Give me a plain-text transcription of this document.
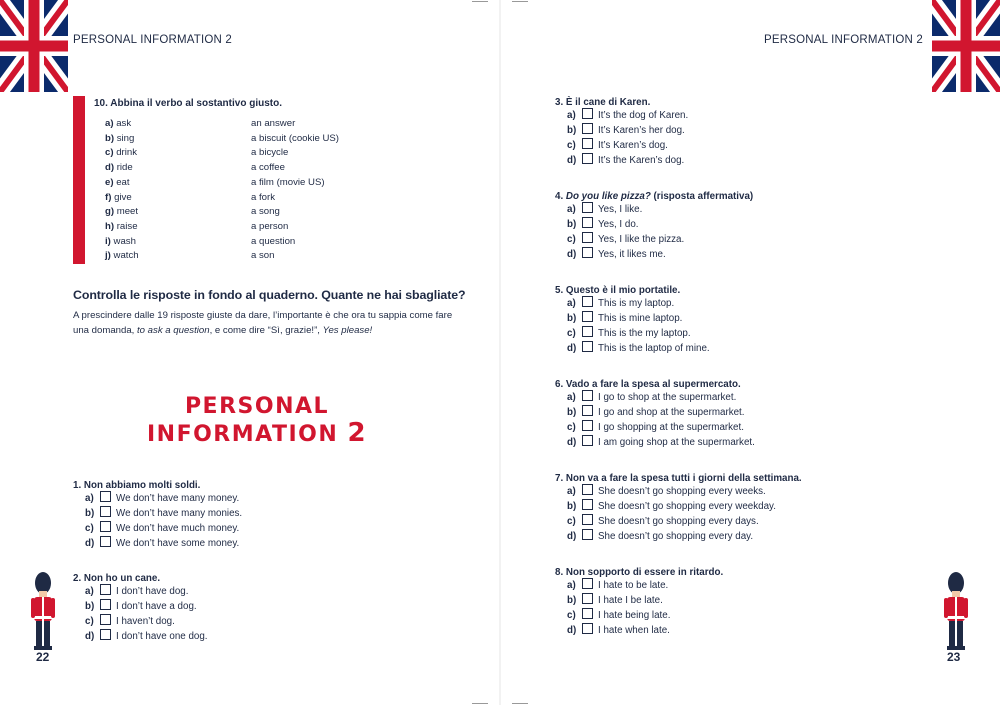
PERSONAL INFORMATION 2
10. Abbina il verbo al sostantivo giusto.
a) ask	an answer
b) sing	a biscuit (cookie US)
c) drink	a bicycle
d) ride	a coffee
e) eat	a film (movie US)
f) give	a fork
g) meet	a song
h) raise	a person
i) wash	a question
j) watch	a son
Controlla le risposte in fondo al quaderno. Quante ne hai sbagliate?
A prescindere dalle 19 risposte giuste da dare, l’importante è che ora tu sappia come fare una domanda, to ask a question, e come dire “Sì, grazie!”, Yes please!
PERSONAL
INFORMATION 2
1. Non abbiamo molti soldi.
a) We don’t have many money.
b) We don’t have many monies.
c) We don’t have much money.
d) We don’t have some money.
2. Non ho un cane.
a) I don’t have dog.
b) I don’t have a dog.
c) I haven’t dog.
d) I don’t have one dog.
22
PERSONAL INFORMATION 2
3. È il cane di Karen.
a) It’s the dog of Karen.
b) It’s Karen’s her dog.
c) It’s Karen’s dog.
d) It’s the Karen’s dog.
4. Do you like pizza? (risposta affermativa)
a) Yes, I like.
b) Yes, I do.
c) Yes, I like the pizza.
d) Yes, it likes me.
5. Questo è il mio portatile.
a) This is my laptop.
b) This is mine laptop.
c) This is the my laptop.
d) This is the laptop of mine.
6. Vado a fare la spesa al supermercato.
a) I go to shop at the supermarket.
b) I go and shop at the supermarket.
c) I go shopping at the supermarket.
d) I am going shop at the supermarket.
7. Non va a fare la spesa tutti i giorni della settimana.
a) She doesn’t go shopping every weeks.
b) She doesn’t go shopping every weekday.
c) She doesn’t go shopping every days.
d) She doesn’t go shopping every day.
8. Non sopporto di essere in ritardo.
a) I hate to be late.
b) I hate I be late.
c) I hate being late.
d) I hate when late.
23
